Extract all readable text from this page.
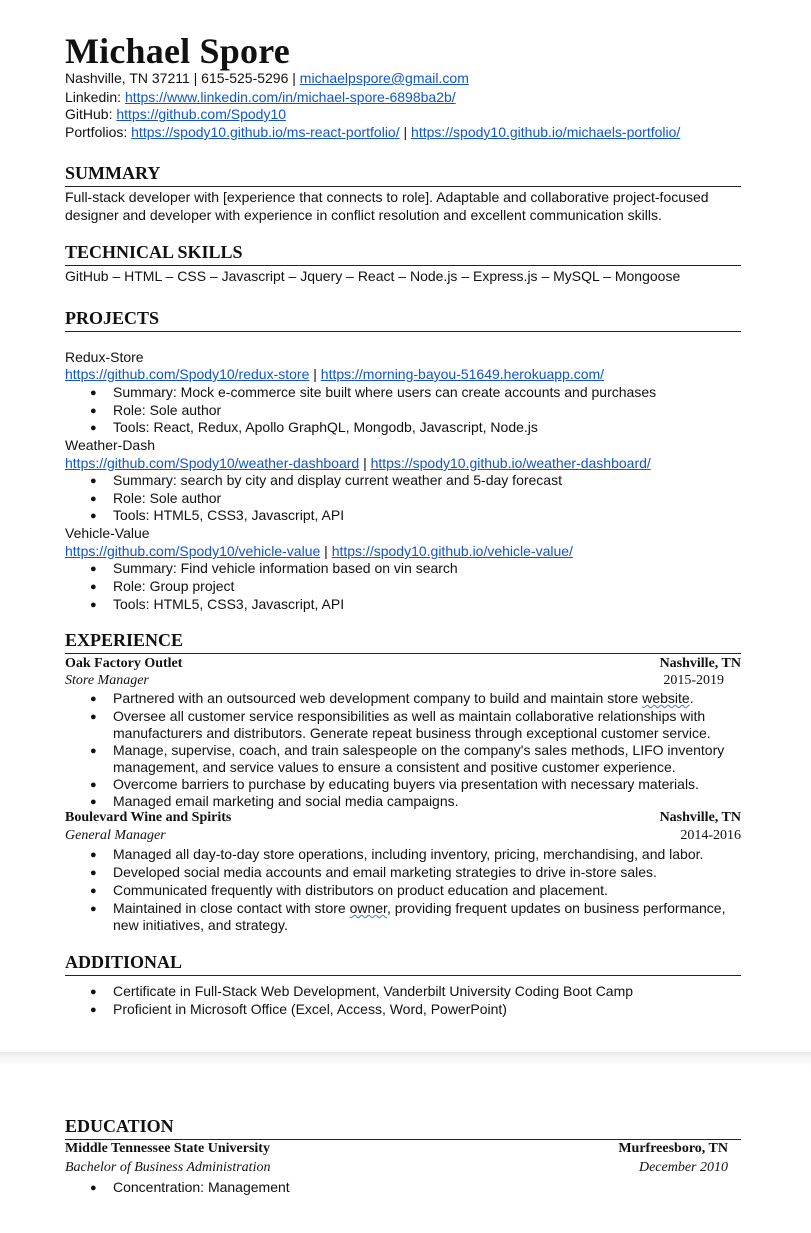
Michael Spore
Nashville, TN 37211 | 615-525-5296 | michaelpspore@gmail.com
Linkedin: https://www.linkedin.com/in/michael-spore-6898ba2b/
GitHub: https://github.com/Spody10
Portfolios: https://spody10.github.io/ms-react-portfolio/ | https://spody10.github.io/michaels-portfolio/
SUMMARY
Full-stack developer with [experience that connects to role]. Adaptable and collaborative project-focused
designer and developer with experience in conflict resolution and excellent communication skills.
TECHNICAL SKILLS
GitHub – HTML – CSS – Javascript – Jquery – React – Node.js – Express.js – MySQL – Mongoose
PROJECTS
Redux-Store
https://github.com/Spody10/redux-store | https://morning-bayou-51649.herokuapp.com/
● Summary: Mock e-commerce site built where users can create accounts and purchases
● Role: Sole author
● Tools: React, Redux, Apollo GraphQL, Mongodb, Javascript, Node.js
Weather-Dash
https://github.com/Spody10/weather-dashboard | https://spody10.github.io/weather-dashboard/
● Summary: search by city and display current weather and 5-day forecast
● Role: Sole author
● Tools: HTML5, CSS3, Javascript, API
Vehicle-Value
https://github.com/Spody10/vehicle-value | https://spody10.github.io/vehicle-value/
● Summary: Find vehicle information based on vin search
● Role: Group project
● Tools: HTML5, CSS3, Javascript, API
EXPERIENCE
Oak Factory Outlet	Nashville, TN
Store Manager	2015-2019
● Partnered with an outsourced web development company to build and maintain store website.
● Oversee all customer service responsibilities as well as maintain collaborative relationships with
manufacturers and distributors. Generate repeat business through exceptional customer service.
● Manage, supervise, coach, and train salespeople on the company's sales methods, LIFO inventory
management, and service values to ensure a consistent and positive customer experience.
● Overcome barriers to purchase by educating buyers via presentation with necessary materials.
● Managed email marketing and social media campaigns.
Boulevard Wine and Spirits	Nashville, TN
General Manager	2014-2016
● Managed all day-to-day store operations, including inventory, pricing, merchandising, and labor.
● Developed social media accounts and email marketing strategies to drive in-store sales.
● Communicated frequently with distributors on product education and placement.
● Maintained in close contact with store owner, providing frequent updates on business performance,
new initiatives, and strategy.
ADDITIONAL
● Certificate in Full-Stack Web Development, Vanderbilt University Coding Boot Camp
● Proficient in Microsoft Office (Excel, Access, Word, PowerPoint)
EDUCATION
Middle Tennessee State University	Murfreesboro, TN
Bachelor of Business Administration	December 2010
● Concentration: Management
